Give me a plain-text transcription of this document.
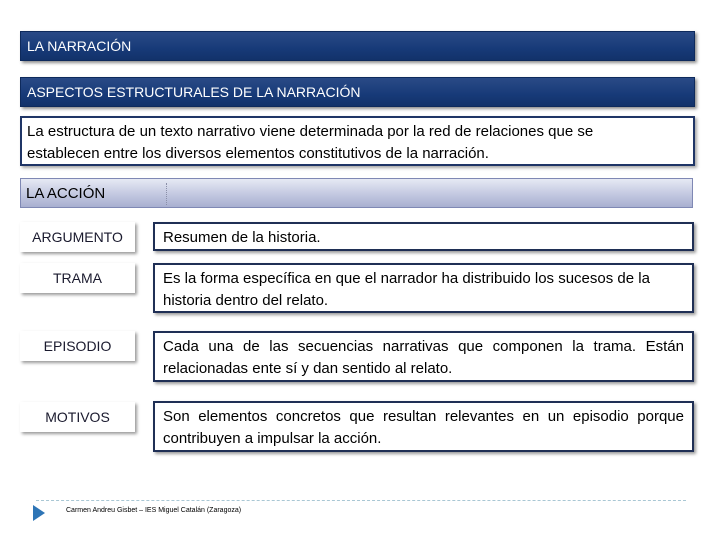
LA NARRACIÓN
ASPECTOS ESTRUCTURALES DE LA NARRACIÓN
La estructura de un texto narrativo viene determinada por la red de relaciones que se
establecen entre los diversos elementos constitutivos de la narración.
LA ACCIÓN
ARGUMENTO	Resumen de la historia.
TRAMA	Es la forma específica en que el narrador ha distribuido los sucesos de la historia dentro del relato.
EPISODIO	Cada una de las secuencias narrativas que componen la trama. Están relacionadas ente sí y dan sentido al relato.
MOTIVOS	Son elementos concretos que resultan relevantes en un episodio porque contribuyen a impulsar la acción.
Carmen Andreu Gisbet – IES Miguel Catalán (Zaragoza)
